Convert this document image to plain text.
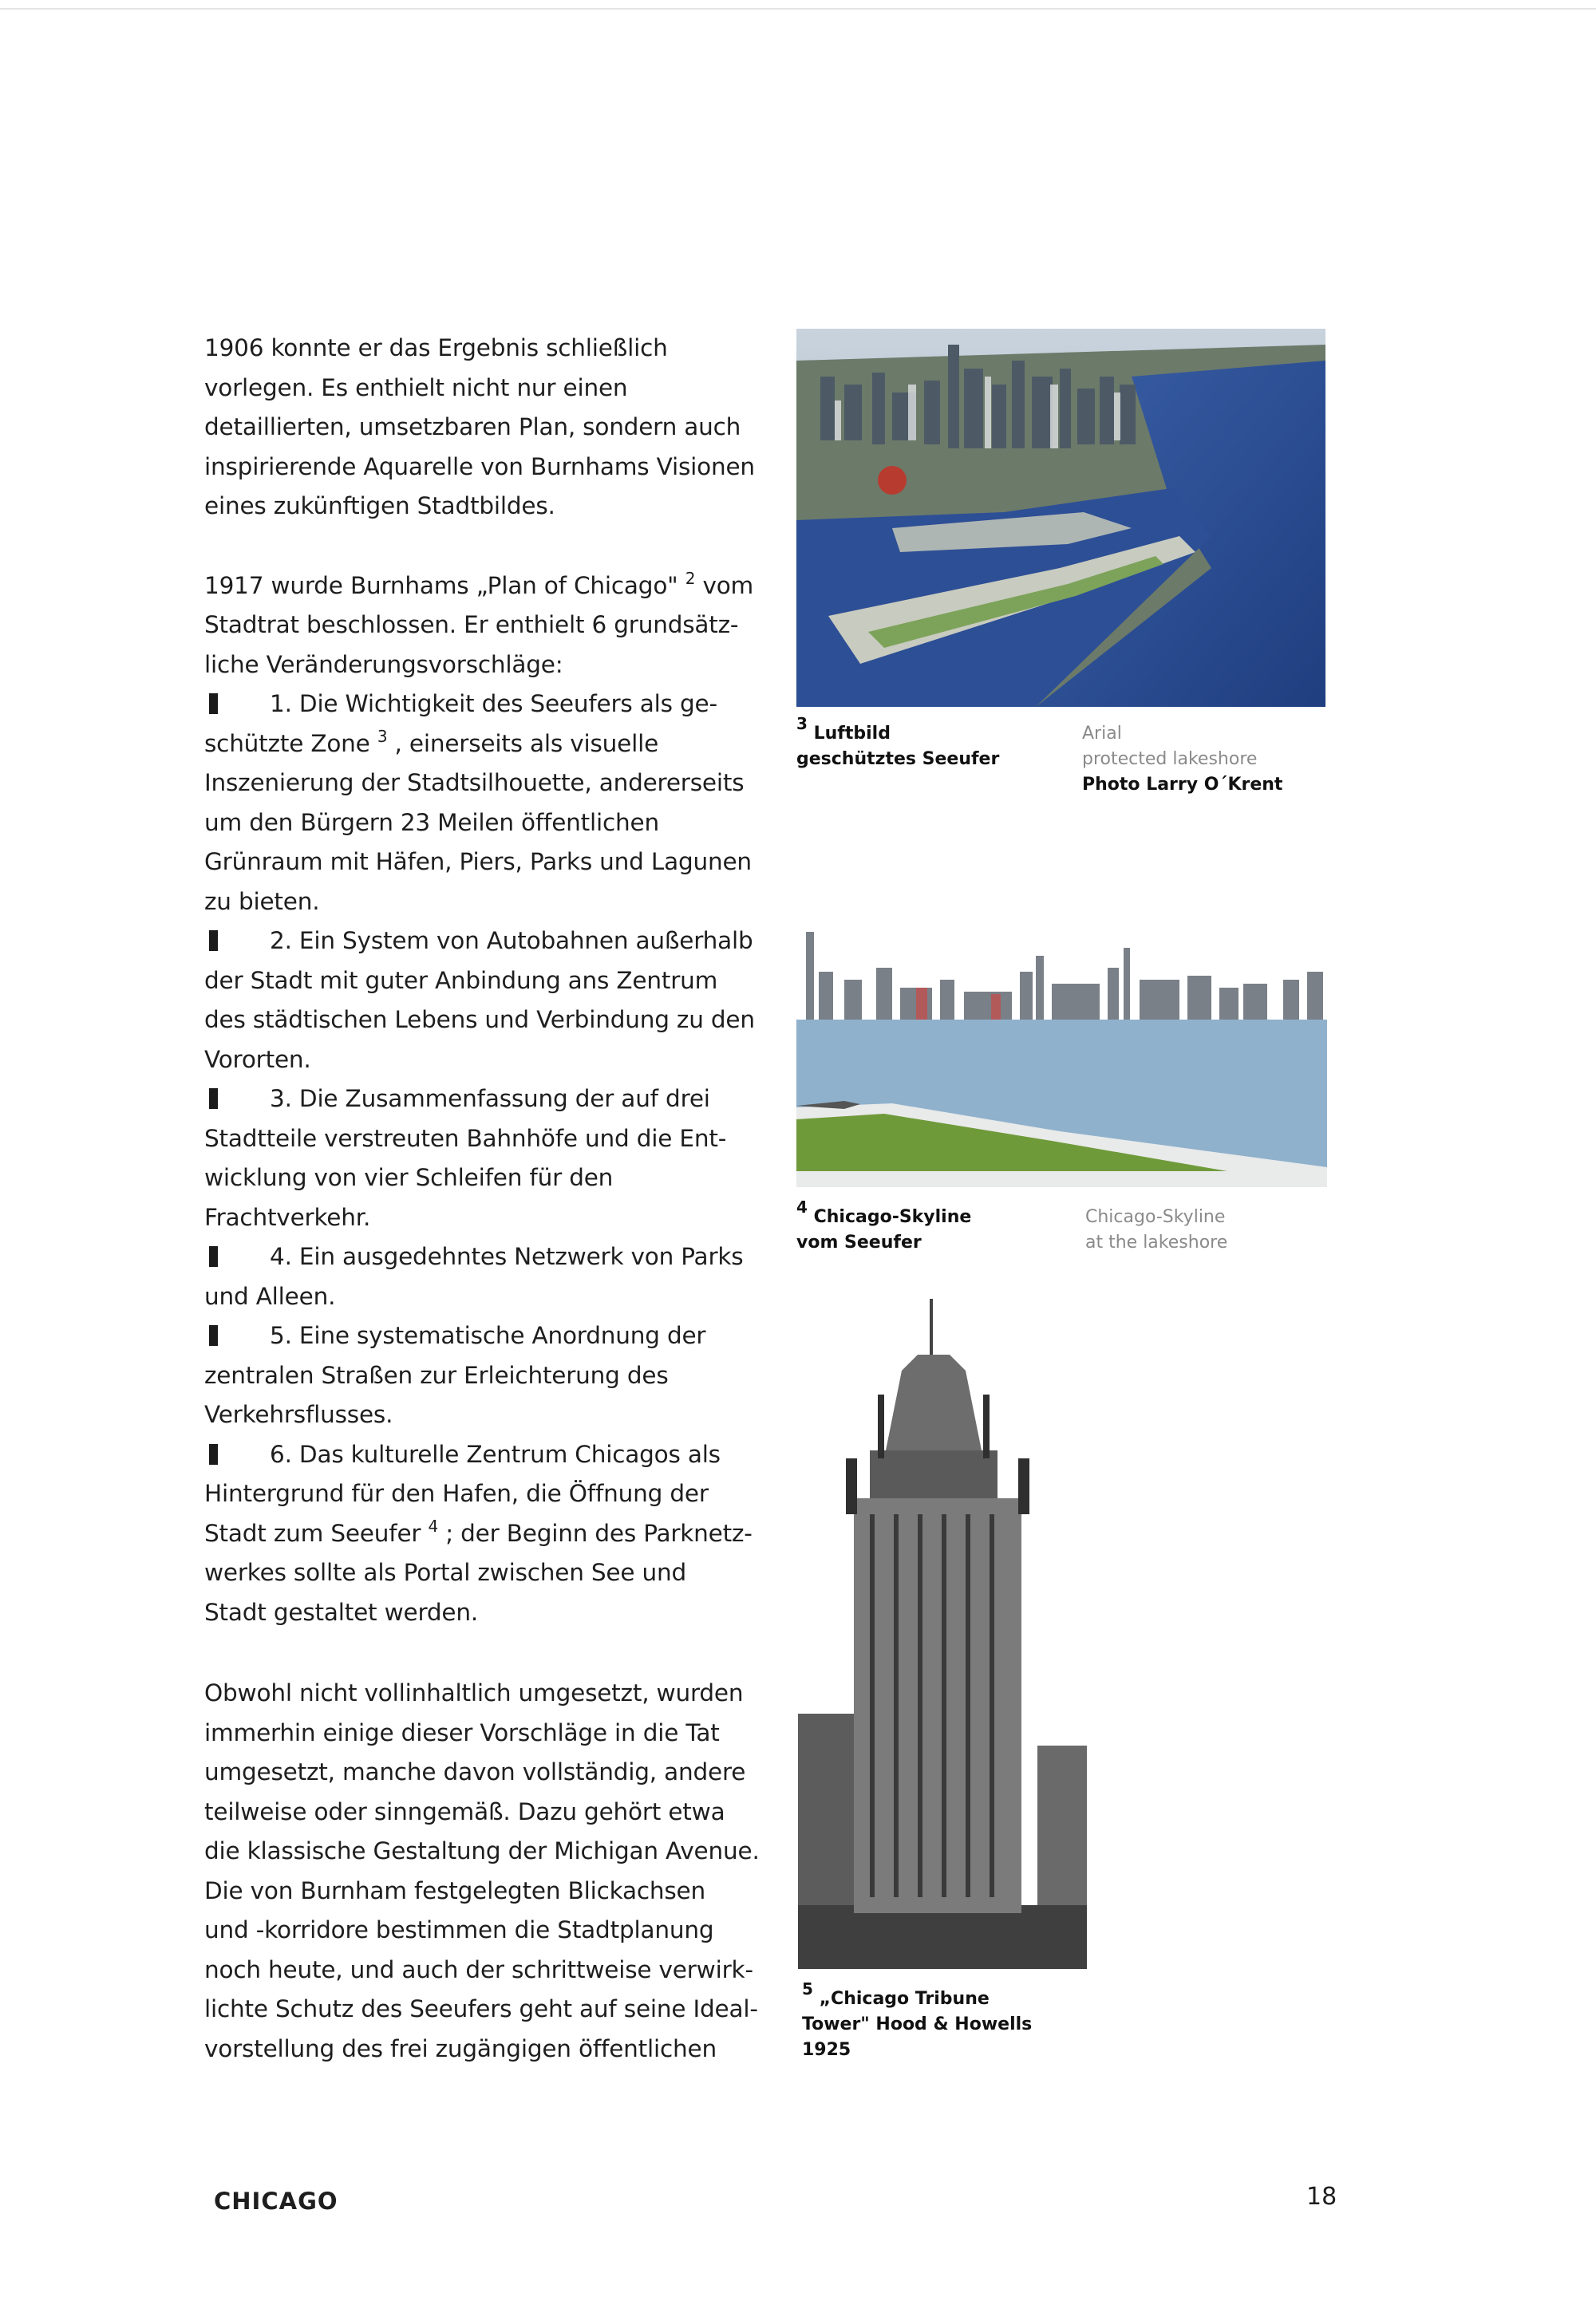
1906 konnte er das Ergebnis schließlich
vorlegen. Es enthielt nicht nur einen
detaillierten, umsetzbaren Plan, sondern auch
inspirierende Aquarelle von Burnhams Visionen
eines zukünftigen Stadtbildes.

1917 wurde Burnhams „Plan of Chicago" $^2$ vom
Stadtrat beschlossen. Er enthielt 6 grundsätz-
liche Veränderungsvorschläge:

1. Die Wichtigkeit des Seeufers als ge-
schützte Zone $^3$ , einerseits als visuelle
Inszenierung der Stadtsilhouette, andererseits
um den Bürgern 23 Meilen öffentlichen
Grünraum mit Häfen, Piers, Parks und Lagunen
zu bieten.

2. Ein System von Autobahnen außerhalb
der Stadt mit guter Anbindung ans Zentrum
des städtischen Lebens und Verbindung zu den
Vororten.

3. Die Zusammenfassung der auf drei
Stadtteile verstreuten Bahnhöfe und die Ent-
wicklung von vier Schleifen für den
Frachtverkehr.

4. Ein ausgedehntes Netzwerk von Parks
und Alleen.

5. Eine systematische Anordnung der
zentralen Straßen zur Erleichterung des
Verkehrsflusses.

6. Das kulturelle Zentrum Chicagos als
Hintergrund für den Hafen, die Öffnung der
Stadt zum Seeufer $^4$ ; der Beginn des Parknetz-
werkes sollte als Portal zwischen See und
Stadt gestaltet werden.

Obwohl nicht vollinhaltlich umgesetzt, wurden
immerhin einige dieser Vorschläge in die Tat
umgesetzt, manche davon vollständig, andere
teilweise oder sinngemäß. Dazu gehört etwa
die klassische Gestaltung der Michigan Avenue.
Die von Burnham festgelegten Blickachsen
und -korridore bestimmen die Stadtplanung
noch heute, und auch der schrittweise verwirk-
lichte Schutz des Seeufers geht auf seine Ideal-
vorstellung des frei zugängigen öffentlichen

$^3$ Luftbild
geschütztes Seeufer
Arial
protected lakeshore
Photo Larry O´Krent
$^4$ Chicago-Skyline
vom Seeufer
Chicago-Skyline
at the lakeshore
$^5$ „Chicago Tribune
Tower" Hood & Howells
1925
CHICAGO	18
